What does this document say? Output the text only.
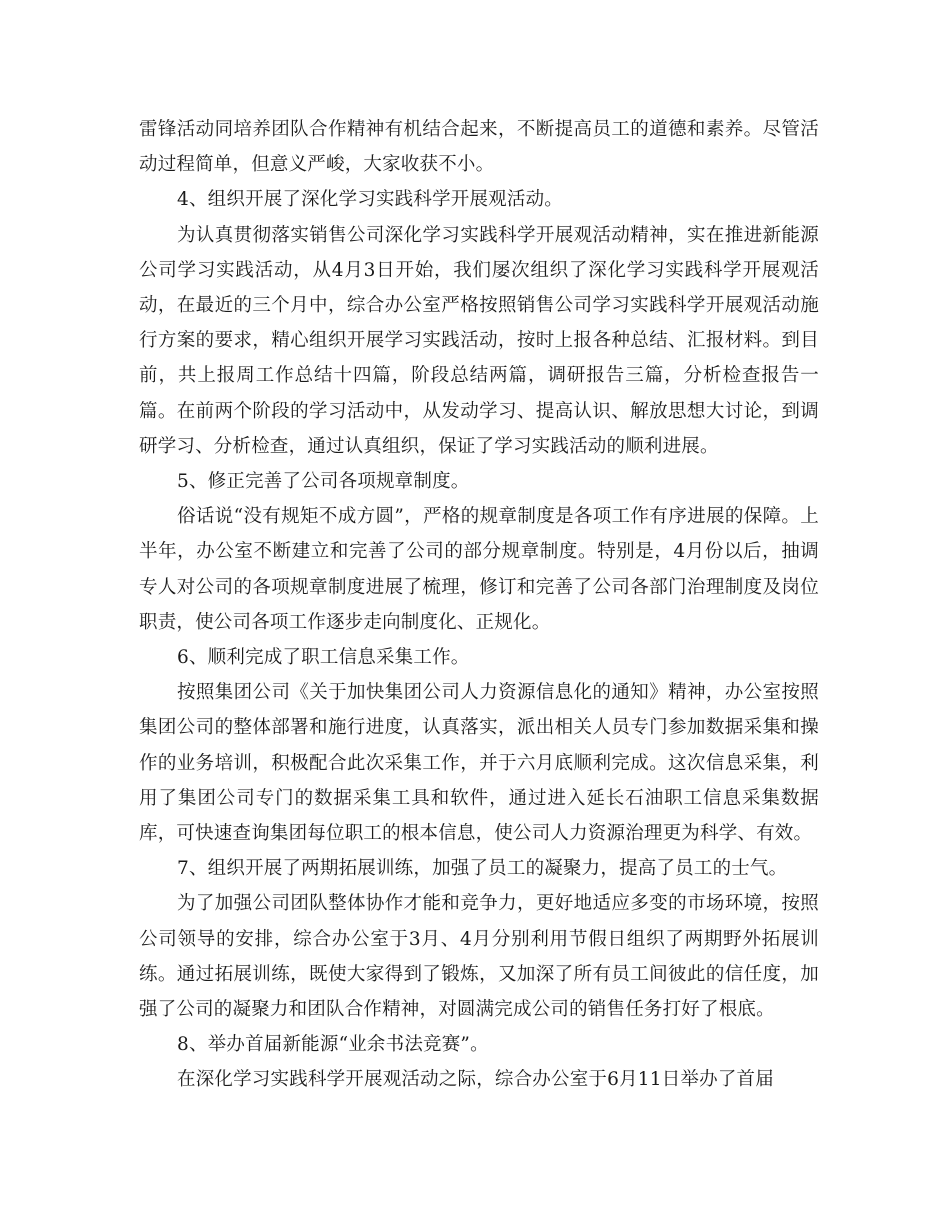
雷锋活动同培养团队合作精神有机结合起来，不断提高员工的道德和素养。尽管活动过程简单，但意义严峻，大家收获不小。

4、组织开展了深化学习实践科学开展观活动。

为认真贯彻落实销售公司深化学习实践科学开展观活动精神，实在推进新能源公司学习实践活动，从4月3日开始，我们屡次组织了深化学习实践科学开展观活动，在最近的三个月中，综合办公室严格按照销售公司学习实践科学开展观活动施行方案的要求，精心组织开展学习实践活动，按时上报各种总结、汇报材料。到目前，共上报周工作总结十四篇，阶段总结两篇，调研报告三篇，分析检查报告一篇。在前两个阶段的学习活动中，从发动学习、提高认识、解放思想大讨论，到调研学习、分析检查，通过认真组织，保证了学习实践活动的顺利进展。

5、修正完善了公司各项规章制度。

俗话说“没有规矩不成方圆”，严格的规章制度是各项工作有序进展的保障。上半年，办公室不断建立和完善了公司的部分规章制度。特别是，4月份以后，抽调专人对公司的各项规章制度进展了梳理，修订和完善了公司各部门治理制度及岗位职责，使公司各项工作逐步走向制度化、正规化。

6、顺利完成了职工信息采集工作。

按照集团公司《关于加快集团公司人力资源信息化的通知》精神，办公室按照集团公司的整体部署和施行进度，认真落实，派出相关人员专门参加数据采集和操作的业务培训，积极配合此次采集工作，并于六月底顺利完成。这次信息采集，利用了集团公司专门的数据采集工具和软件，通过进入延长石油职工信息采集数据库，可快速查询集团每位职工的根本信息，使公司人力资源治理更为科学、有效。

7、组织开展了两期拓展训练，加强了员工的凝聚力，提高了员工的士气。

为了加强公司团队整体协作才能和竞争力，更好地适应多变的市场环境，按照公司领导的安排，综合办公室于3月、4月分别利用节假日组织了两期野外拓展训练。通过拓展训练，既使大家得到了锻炼，又加深了所有员工间彼此的信任度，加强了公司的凝聚力和团队合作精神，对圆满完成公司的销售任务打好了根底。

8、举办首届新能源“业余书法竞赛”。

在深化学习实践科学开展观活动之际，综合办公室于6月11日举办了首届
